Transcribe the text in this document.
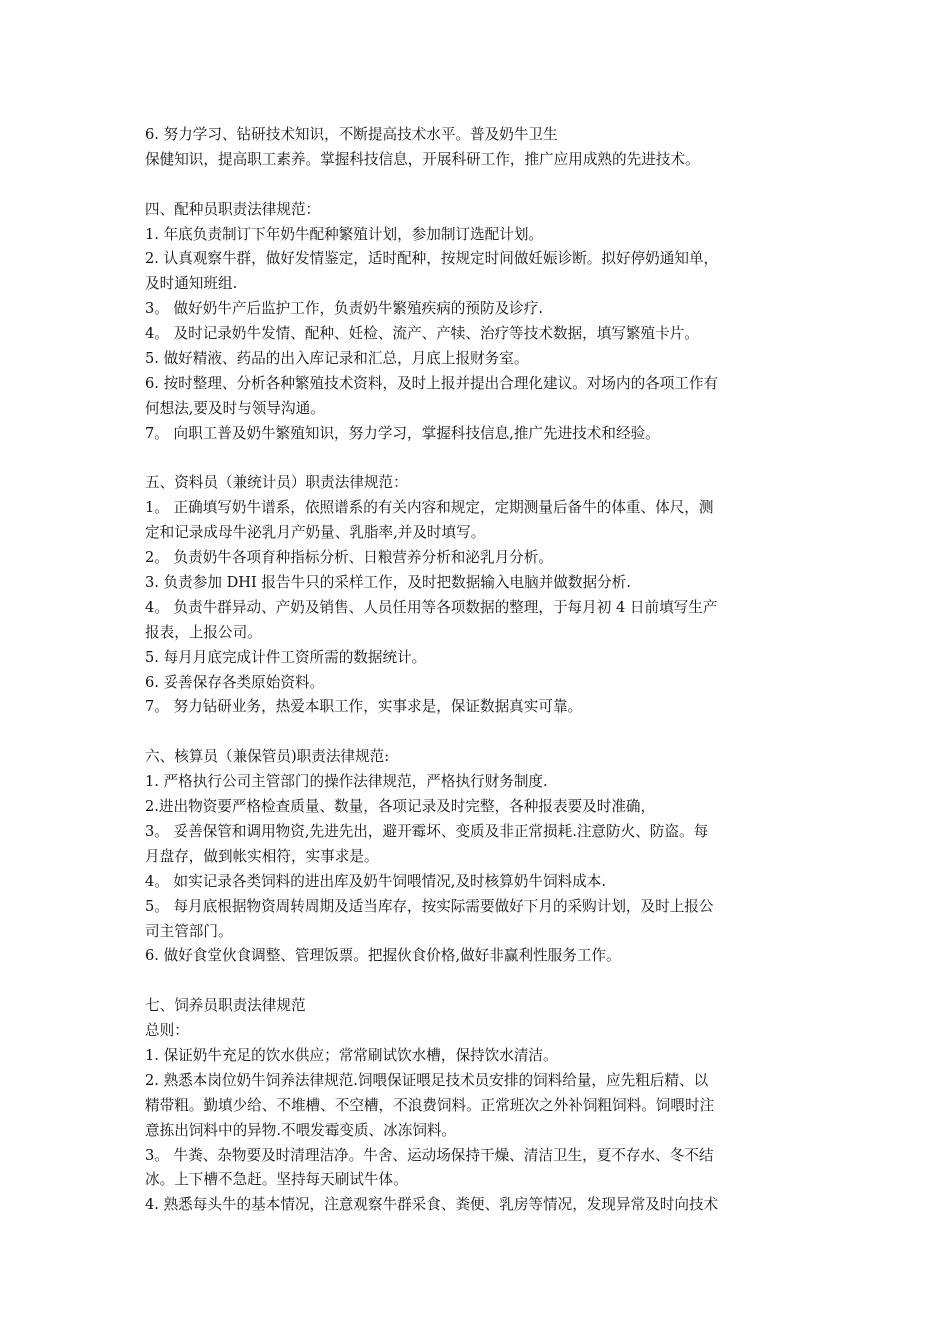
6. 努力学习、钻研技术知识，不断提高技术水平。普及奶牛卫生

保健知识，提高职工素养。掌握科技信息，开展科研工作，推广应用成熟的先进技术。

四、配种员职责法律规范：

1. 年底负责制订下年奶牛配种繁殖计划，参加制订选配计划。

2. 认真观察牛群，做好发情鉴定，适时配种，按规定时间做妊娠诊断。拟好停奶通知单，

及时通知班组.

3。 做好奶牛产后监护工作，负责奶牛繁殖疾病的预防及诊疗.

4。 及时记录奶牛发情、配种、妊检、流产、产犊、治疗等技术数据，填写繁殖卡片。

5. 做好精液、药品的出入库记录和汇总，月底上报财务室。

6. 按时整理、分析各种繁殖技术资料，及时上报并提出合理化建议。对场内的各项工作有

何想法,要及时与领导沟通。

7。 向职工普及奶牛繁殖知识，努力学习，掌握科技信息,推广先进技术和经验。

五、资料员（兼统计员）职责法律规范：

1。 正确填写奶牛谱系，依照谱系的有关内容和规定，定期测量后备牛的体重、体尺，测

定和记录成母牛泌乳月产奶量、乳脂率,并及时填写。

2。 负责奶牛各项育种指标分析、日粮营养分析和泌乳月分析。

3. 负责参加 DHI 报告牛只的采样工作，及时把数据输入电脑并做数据分析.

4。 负责牛群异动、产奶及销售、人员任用等各项数据的整理，于每月初 4 日前填写生产

报表，上报公司。

5. 每月月底完成计件工资所需的数据统计。

6. 妥善保存各类原始资料。

7。 努力钻研业务，热爱本职工作，实事求是，保证数据真实可靠。

六、核算员（兼保管员)职责法律规范:

1. 严格执行公司主管部门的操作法律规范，严格执行财务制度.

2.进出物资要严格检查质量、数量，各项记录及时完整，各种报表要及时准确，

3。 妥善保管和调用物资,先进先出，避开霉坏、变质及非正常损耗.注意防火、防盗。每

月盘存，做到帐实相符，实事求是。

4。 如实记录各类饲料的进出库及奶牛饲喂情况,及时核算奶牛饲料成本.

5。 每月底根据物资周转周期及适当库存，按实际需要做好下月的采购计划，及时上报公

司主管部门。

6. 做好食堂伙食调整、管理饭票。把握伙食价格,做好非赢利性服务工作。

七、饲养员职责法律规范

总则：

1. 保证奶牛充足的饮水供应；常常刷试饮水槽，保持饮水清洁。

2. 熟悉本岗位奶牛饲养法律规范.饲喂保证喂足技术员安排的饲料给量，应先粗后精、以

精带粗。勤填少给、不堆槽、不空槽，不浪费饲料。正常班次之外补饲粗饲料。饲喂时注

意拣出饲料中的异物.不喂发霉变质、冰冻饲料。

3。 牛粪、杂物要及时清理洁净。牛舍、运动场保持干燥、清洁卫生，夏不存水、冬不结

冰。上下槽不急赶。坚持每天刷试牛体。

4. 熟悉每头牛的基本情况，注意观察牛群采食、粪便、乳房等情况，发现异常及时向技术
